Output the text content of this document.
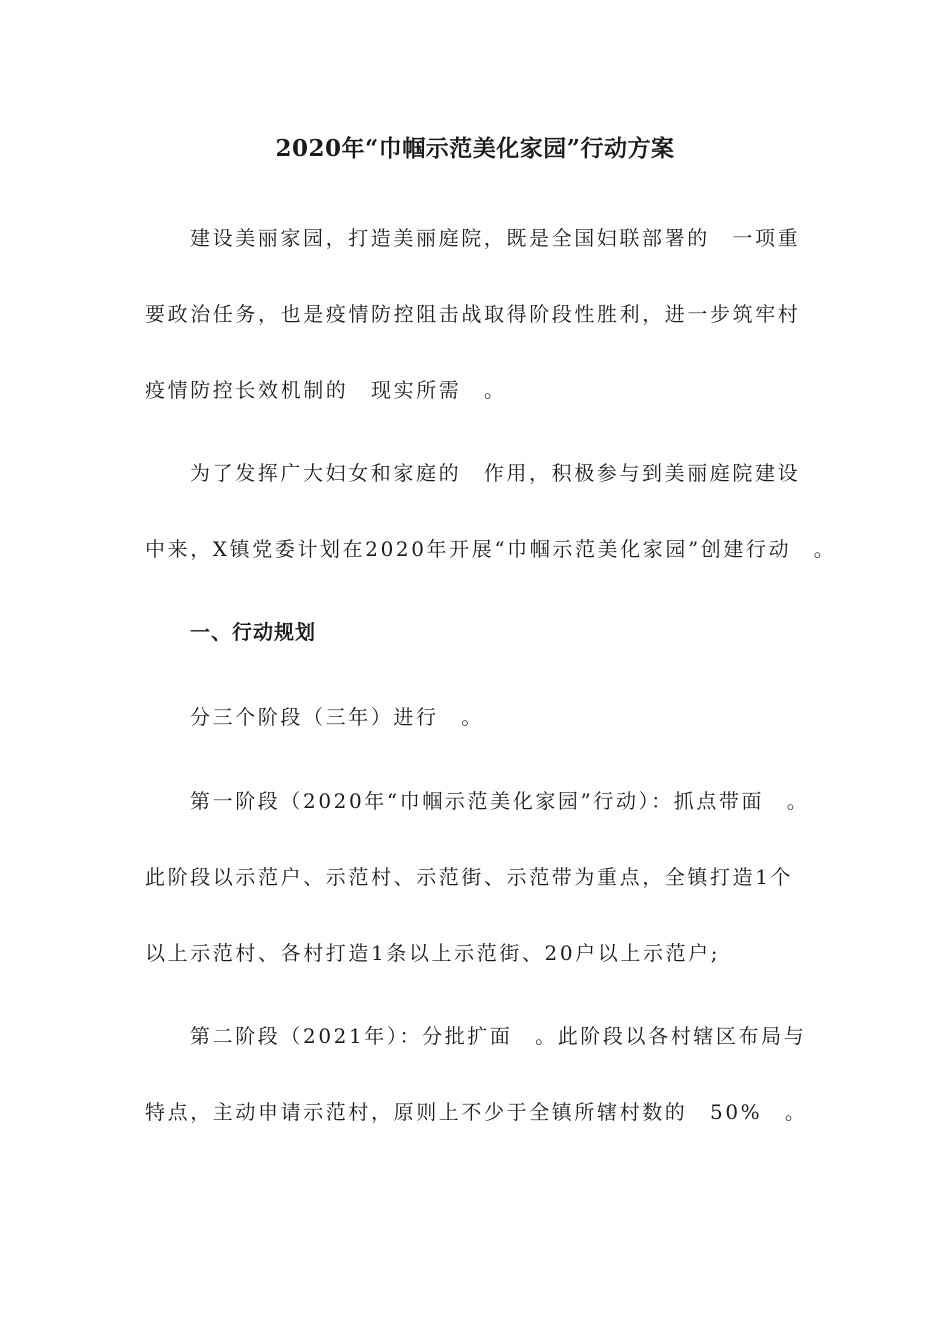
2020年“巾帼示范美化家园”行动方案
建设美丽家园，打造美丽庭院，既是全国妇联部署的　一项重
要政治任务，也是疫情防控阻击战取得阶段性胜利，进一步筑牢村
疫情防控长效机制的　现实所需　。
为了发挥广大妇女和家庭的　作用，积极参与到美丽庭院建设
中来，X镇党委计划在2020年开展“巾帼示范美化家园”创建行动　。
一、行动规划
分三个阶段（三年）进行　。
第一阶段（2020年“巾帼示范美化家园”行动）：抓点带面　。
此阶段以示范户、示范村、示范街、示范带为重点，全镇打造1个
以上示范村、各村打造1条以上示范街、20户以上示范户;
第二阶段（2021年）：分批扩面　。此阶段以各村辖区布局与
特点，主动申请示范村，原则上不少于全镇所辖村数的　50%　。
